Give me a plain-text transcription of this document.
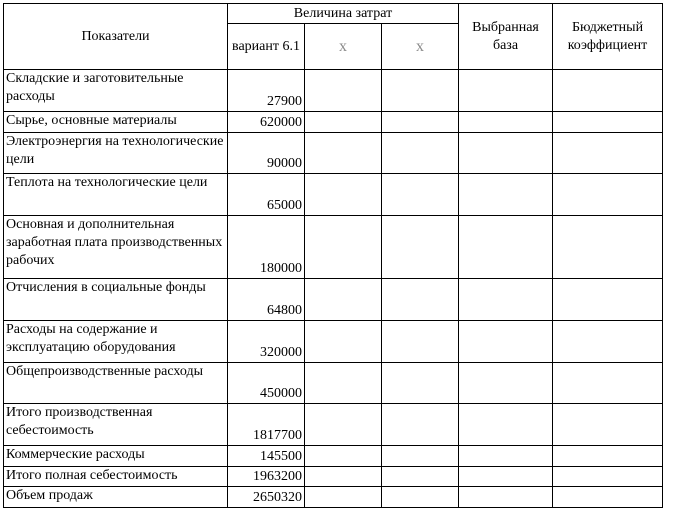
Показатели	Величина затрат			Выбранная база	Бюджетный коэффициент
	вариант 6.1	x	x		
Складские и заготовительные расходы	27900				
Сырье, основные материалы	620000				
Электроэнергия на технологические цели	90000				
Теплота на технологические цели	65000				
Основная и дополнительная заработная плата производственных рабочих	180000				
Отчисления в социальные фонды	64800				
Расходы на содержание и эксплуатацию оборудования	320000				
Общепроизводственные расходы	450000				
Итого производственная себестоимость	1817700				
Коммерческие расходы	145500				
Итого полная себестоимость	1963200				
Объем продаж	2650320				
